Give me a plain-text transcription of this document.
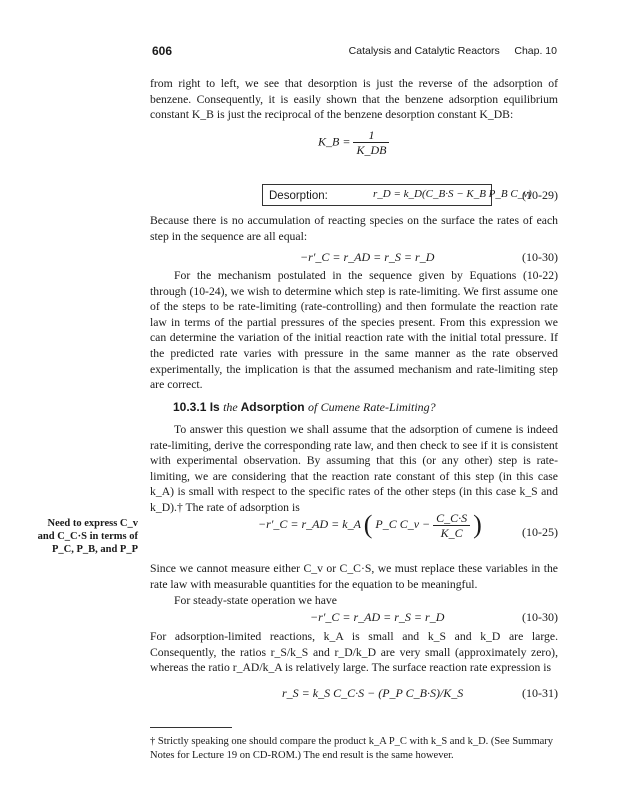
606	Catalysis and Catalytic Reactors     Chap. 10

from right to left, we see that desorption is just the reverse of the adsorption of benzene. Consequently, it is easily shown that the benzene adsorption equilibrium constant K_B is just the reciprocal of the benzene desorption constant K_DB:

K_B = $\frac{1}{K\_DB}$
Desorption:	r_D = k_D(C_B·S − K_B P_B C_v)
(10-29)

Because there is no accumulation of reacting species on the surface the rates of each step in the sequence are all equal:

−r′_C = r_AD = r_S = r_D	(10-30)

For the mechanism postulated in the sequence given by Equations (10-22) through (10-24), we wish to determine which step is rate-limiting. We first assume one of the steps to be rate-limiting (rate-controlling) and then formulate the reaction rate law in terms of the partial pressures of the species present. From this expression we can determine the variation of the initial reaction rate with the initial total pressure. If the predicted rate varies with pressure in the same manner as the rate observed experimentally, the implication is that the assumed mechanism and rate-limiting step are correct.

10.3.1 Is the Adsorption of Cumene Rate-Limiting?

To answer this question we shall assume that the adsorption of cumene is indeed rate-limiting, derive the corresponding rate law, and then check to see if it is consistent with experimental observation. By assuming that this (or any other) step is rate-limiting, we are considering that the reaction rate constant of this step (in this case k_A) is small with respect to the specific rates of the other steps (in this case k_S and k_D).† The rate of adsorption is

Need to express C_v and C_C·S in terms of P_C, P_B, and P_P
−r′_C = r_AD = k_A ( P_C C_v − $\frac{C\_C\cdot S}{K\_C}$ )	(10-25)

Since we cannot measure either C_v or C_C·S, we must replace these variables in the rate law with measurable quantities for the equation to be meaningful.

For steady-state operation we have

−r′_C = r_AD = r_S = r_D	(10-30)

For adsorption-limited reactions, k_A is small and k_S and k_D are large. Consequently, the ratios r_S/k_S and r_D/k_D are very small (approximately zero), whereas the ratio r_AD/k_A is relatively large. The surface reaction rate expression is

r_S = k_S C_C·S − (P_P C_B·S)/K_S	(10-31)

† Strictly speaking one should compare the product k_A P_C with k_S and k_D. (See Summary Notes for Lecture 19 on CD-ROM.) The end result is the same however.
